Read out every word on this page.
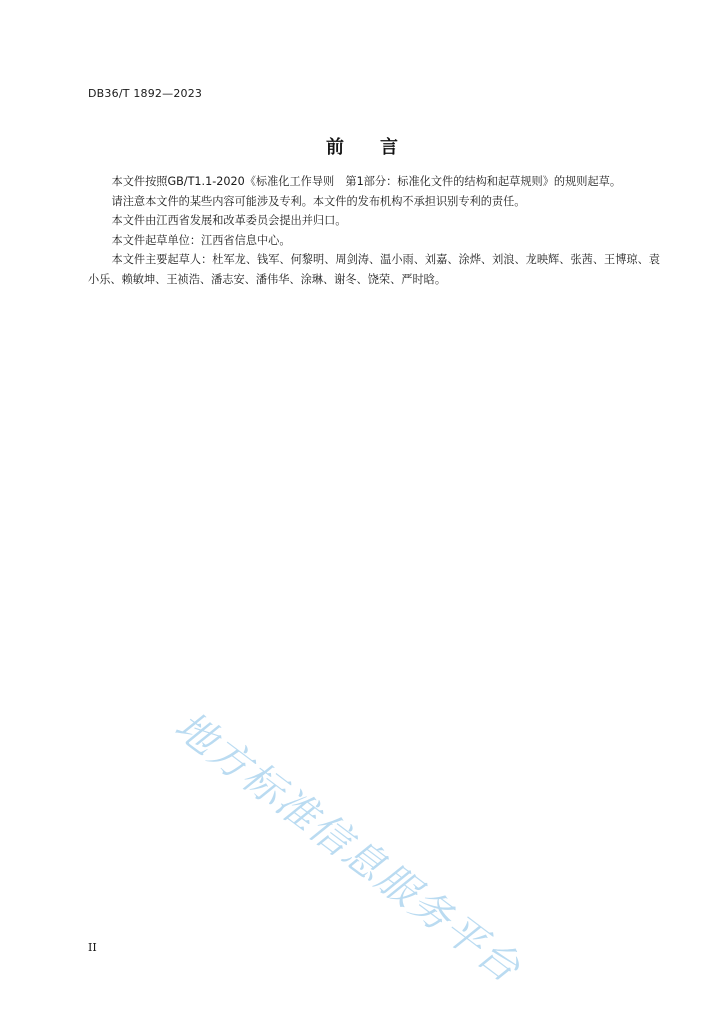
DB36/T 1892—2023
前言

本文件按照GB/T1.1-2020《标准化工作导则　第1部分：标准化文件的结构和起草规则》的规则起草。

请注意本文件的某些内容可能涉及专利。本文件的发布机构不承担识别专利的责任。

本文件由江西省发展和改革委员会提出并归口。

本文件起草单位：江西省信息中心。

本文件主要起草人：杜军龙、钱军、何黎明、周剑涛、温小雨、刘嘉、涂烨、刘浪、龙映辉、张茜、王博琼、袁小乐、赖敏坤、王祯浩、潘志安、潘伟华、涂琳、谢冬、饶荣、严时晗。

地方标准信息服务平台
II
